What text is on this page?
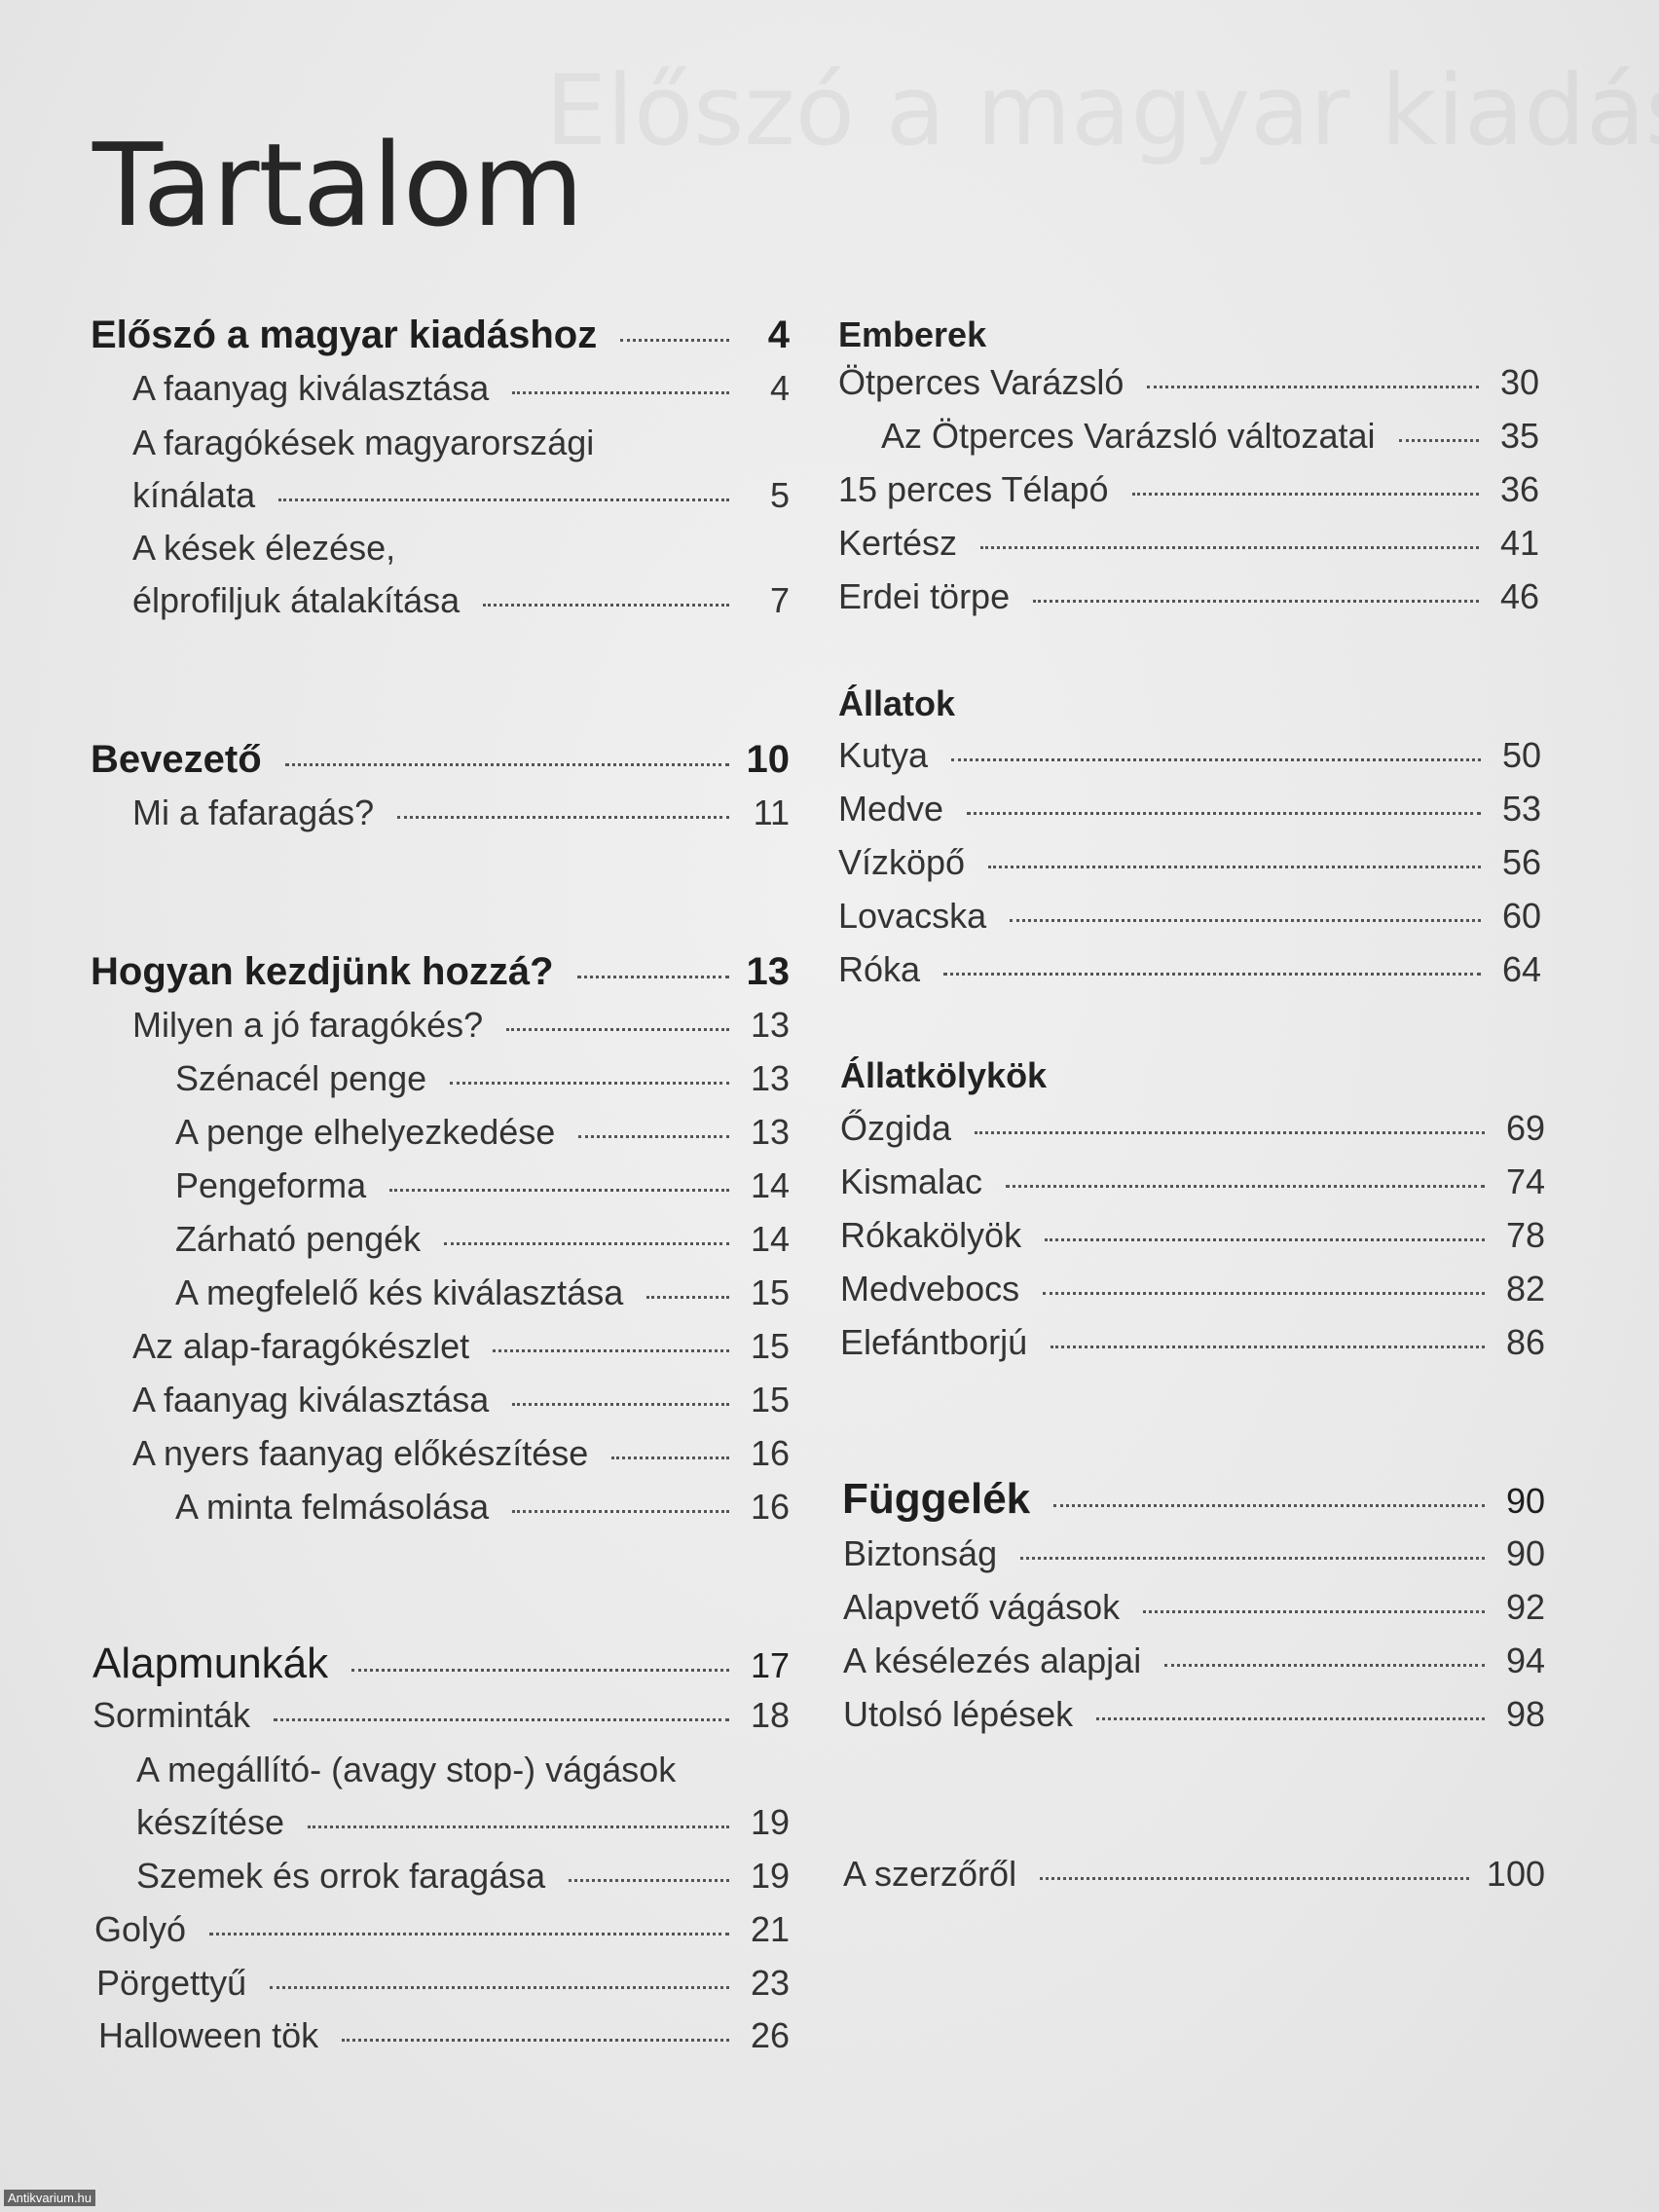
Tartalom
Előszó a magyar kiadáshoz	4
A faanyag kiválasztása	4
A faragókések magyarországi
kínálata	5
A kések élezése,
élprofiljuk átalakítása	7
Bevezető	10
Mi a fafaragás?	11
Hogyan kezdjünk hozzá?	13
Milyen a jó faragókés?	13
Szénacél penge	13
A penge elhelyezkedése	13
Pengeforma	14
Zárható pengék	14
A megfelelő kés kiválasztása	15
Az alap-faragókészlet	15
A faanyag kiválasztása	15
A nyers faanyag előkészítése	16
A minta felmásolása	16
Alapmunkák	17
Sorminták	18
A megállító- (avagy stop-) vágások
készítése	19
Szemek és orrok faragása	19
Golyó	21
Pörgettyű	23
Halloween tök	26
Emberek
Ötperces Varázsló	30
Az Ötperces Varázsló változatai	35
15 perces Télapó	36
Kertész	41
Erdei törpe	46
Állatok
Kutya	50
Medve	53
Vízköpő	56
Lovacska	60
Róka	64
Állatkölykök
Őzgida	69
Kismalac	74
Rókakölyök	78
Medvebocs	82
Elefántborjú	86
Függelék	90
Biztonság	90
Alapvető vágások	92
A késélezés alapjai	94
Utolsó lépések	98
A szerzőről	100
Antikvarium.hu
